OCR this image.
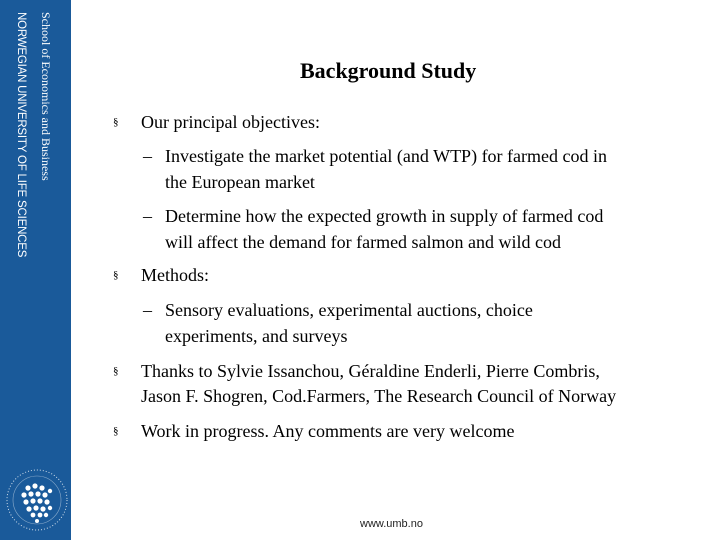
School of Economics and Business
NORWEGIAN UNIVERSITY OF LIFE SCIENCES	Background Study
§ Our principal objectives:
– Investigate the market potential (and WTP) for farmed cod in
the European market
– Determine how the expected growth in supply of farmed cod
will affect the demand for farmed salmon and wild cod
§ Methods:
– Sensory evaluations, experimental auctions, choice
experiments, and surveys
§ Thanks to Sylvie Issanchou, Géraldine Enderli, Pierre Combris,
Jason F. Shogren, Cod.Farmers, The Research Council of Norway
§ Work in progress. Any comments are very welcome
www.umb.no
